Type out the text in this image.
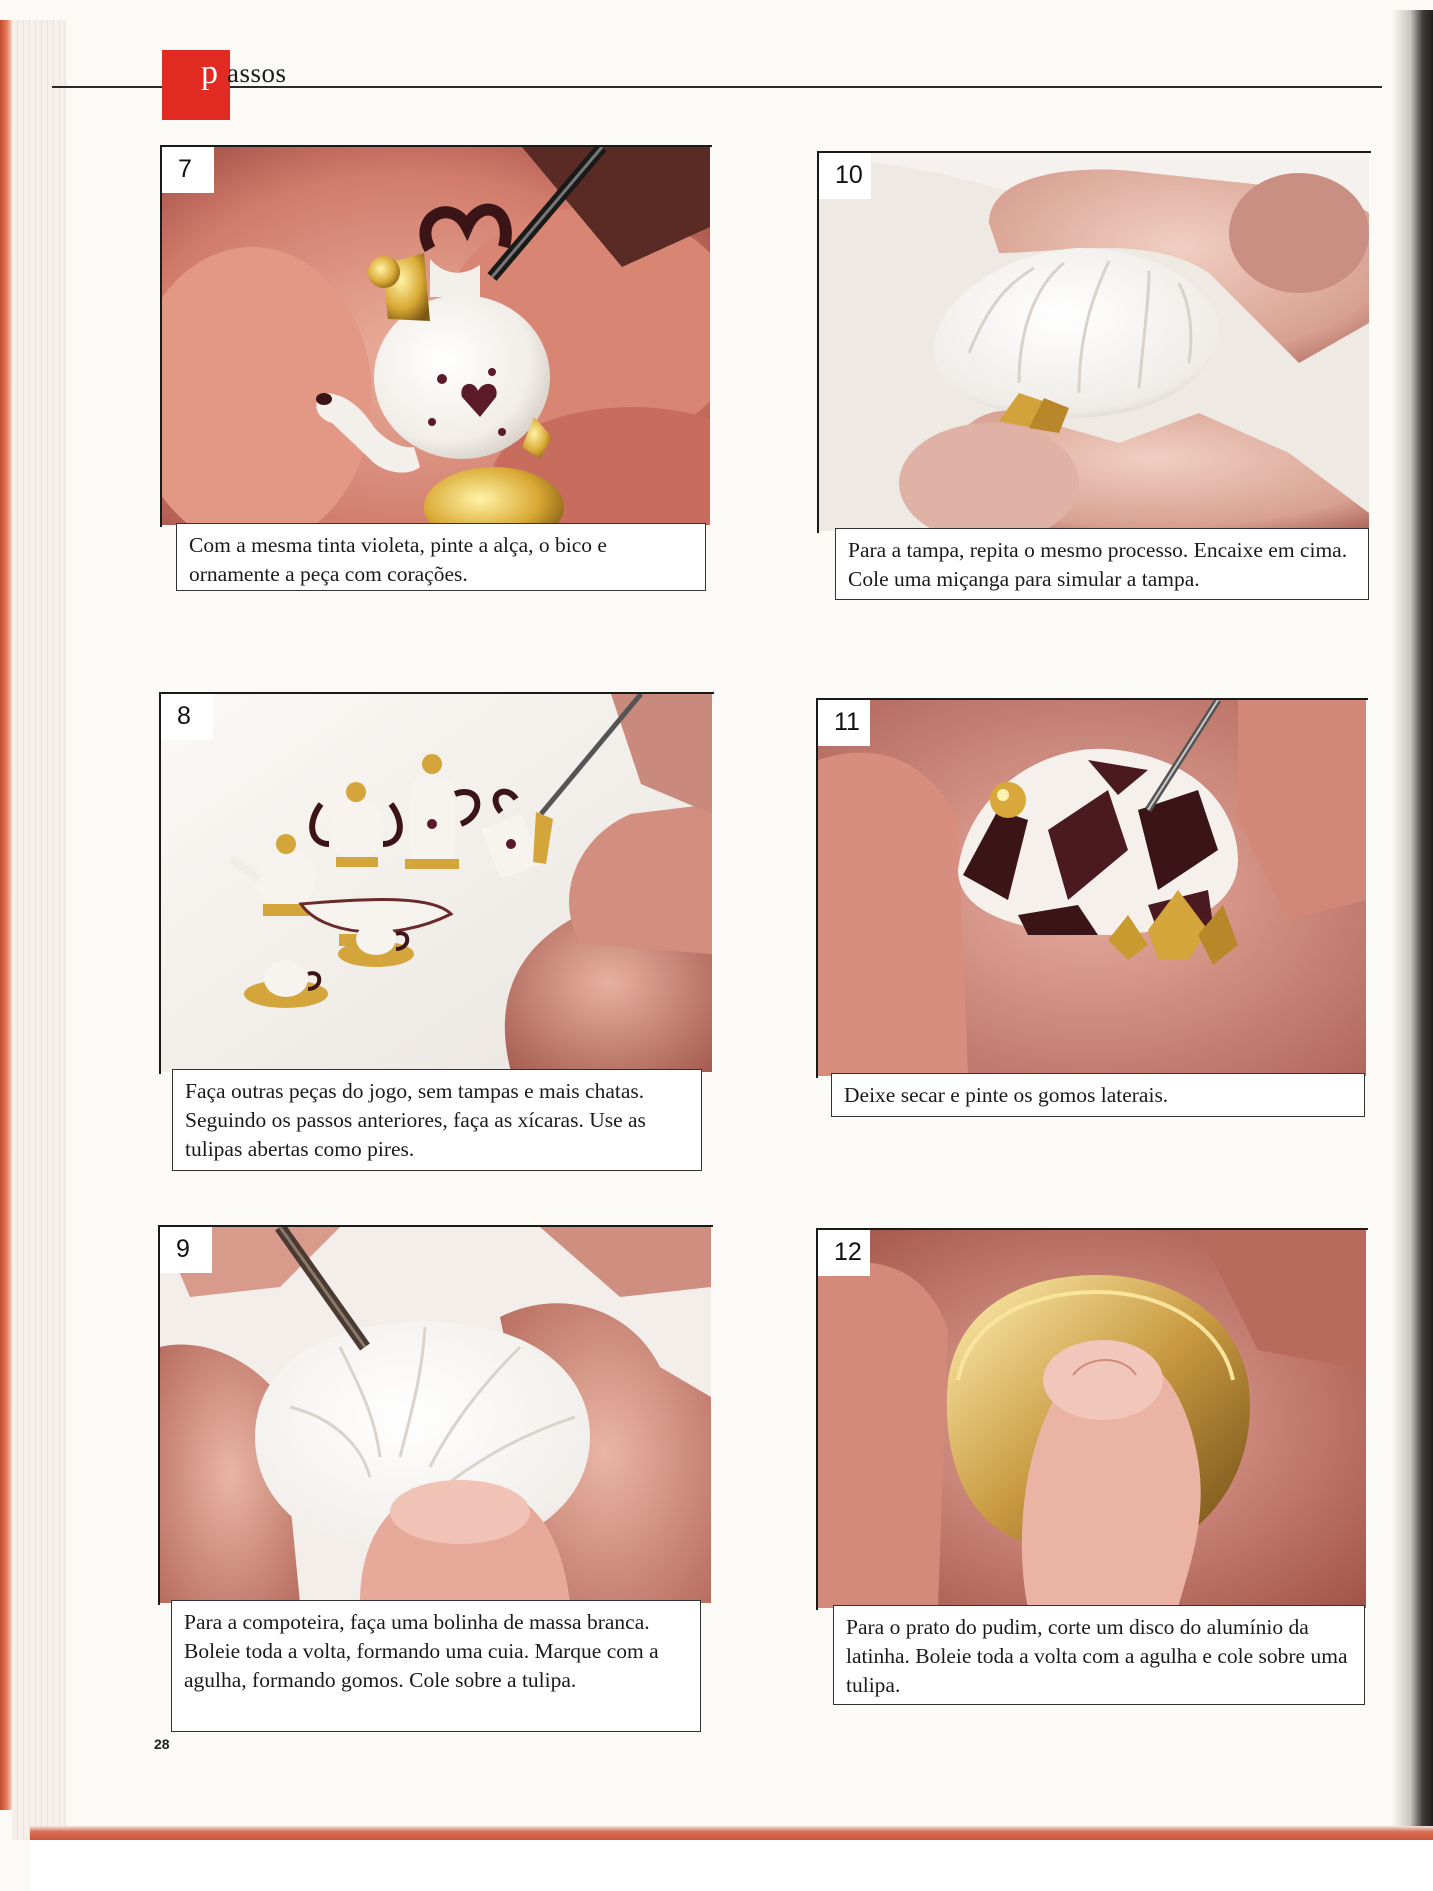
p assos
7
Com a mesma tinta violeta, pinte a alça, o bico e ornamente a peça com corações.
10
Para a tampa, repita o mesmo processo. Encaixe em cima. Cole uma miçanga para simular a tampa.
8
Faça outras peças do jogo, sem tampas e mais chatas. Seguindo os passos anteriores, faça as xícaras. Use as tulipas abertas como pires.
11
Deixe secar e pinte os gomos laterais.
9
Para a compoteira, faça uma bolinha de massa branca. Boleie toda a volta, formando uma cuia. Marque com a agulha, formando gomos. Cole sobre a tulipa.
12
Para o prato do pudim, corte um disco do alumínio da latinha. Boleie toda a volta com a agulha e cole sobre uma tulipa.
28
